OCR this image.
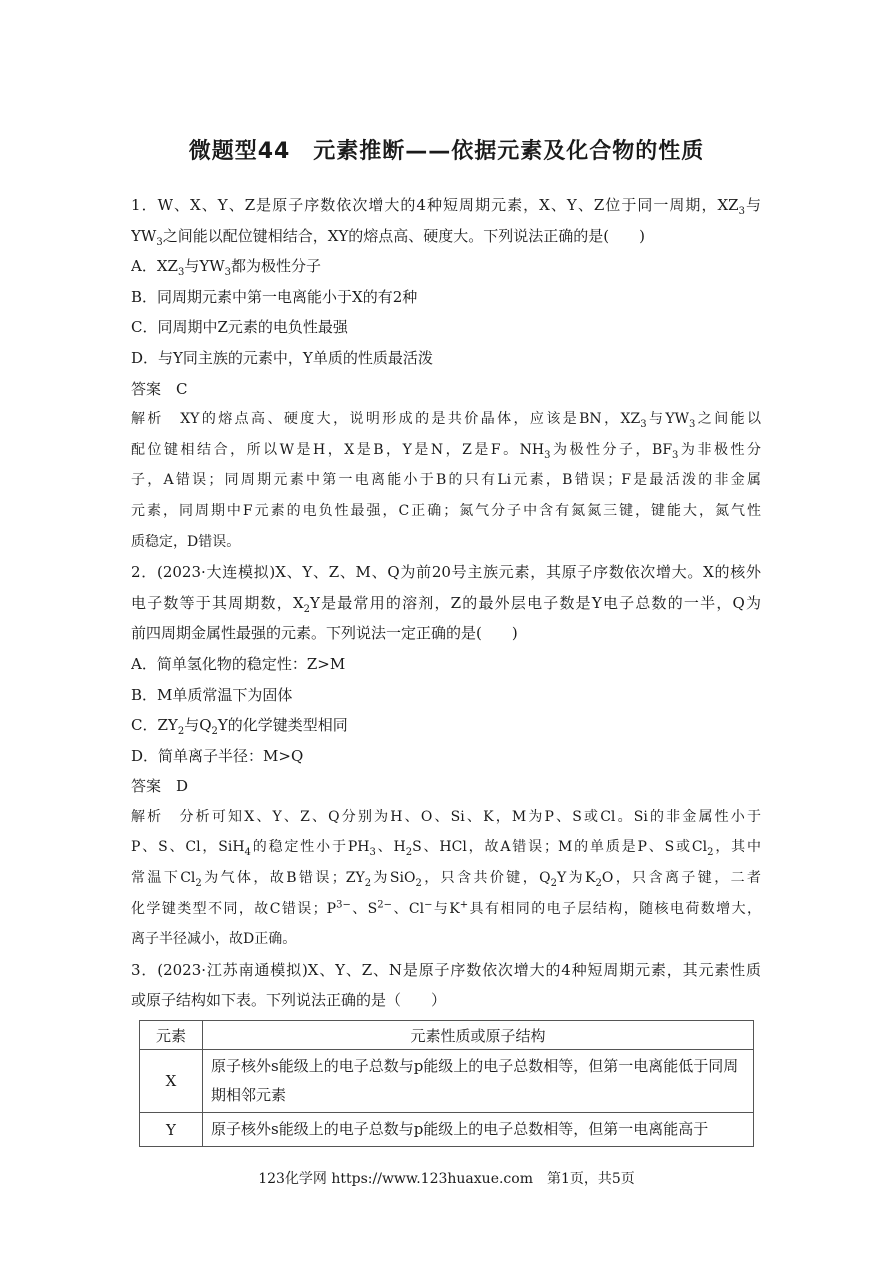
微题型44　元素推断——依据元素及化合物的性质
1．W、X、Y、Z是原子序数依次增大的4种短周期元素，X、Y、Z位于同一周期，$XZ_3$与
$YW_3$之间能以配位键相结合，XY的熔点高、硬度大。下列说法正确的是(　　)
A．$XZ_3$与$YW_3$都为极性分子
B．同周期元素中第一电离能小于X的有2种
C．同周期中Z元素的电负性最强
D．与Y同主族的元素中，Y单质的性质最活泼
答案　 C
解析　 XY的熔点高、硬度大，说明形成的是共价晶体，应该是BN，$XZ_3$与$YW_3$之间能以
配位键相结合，所以W是H，X是B，Y是N，Z是F。$NH_3$为极性分子，$BF_3$为非极性分
子，A错误；同周期元素中第一电离能小于B的只有Li元素，B错误；F是最活泼的非金属
元素，同周期中F元素的电负性最强，C正确；氮气分子中含有氮氮三键，键能大，氮气性
质稳定，D错误。
2．(2023·大连模拟)X、Y、Z、M、Q为前20号主族元素，其原子序数依次增大。X的核外
电子数等于其周期数，$X_2Y$是最常用的溶剂，Z的最外层电子数是Y电子总数的一半，Q为
前四周期金属性最强的元素。下列说法一定正确的是(　　)
A．简单氢化物的稳定性：Z>M
B．M单质常温下为固体
C．$ZY_2$与$Q_2Y$的化学键类型相同
D．简单离子半径：M>Q
答案　 D
解析　 分析可知X、Y、Z、Q分别为H、O、Si、K，M为P、S或Cl。Si的非金属性小于
P、S、Cl，SiH$_4$的稳定性小于$PH_3$、$H_2S$、HCl，故A错误；M的单质是P、S或$Cl_2$，其中
常温下$Cl_2$为气体，故B错误；$ZY_2$为SiO$_2$，只含共价键，$Q_2Y$为$K_2O$，只含离子键，二者
化学键类型不同，故C错误；$P^{3-}$、$S^{2-}$、Cl−与K+具有相同的电子层结构，随核电荷数增大，
离子半径减小，故D正确。
3．(2023·江苏南通模拟)X、Y、Z、N是原子序数依次增大的4种短周期元素，其元素性质
或原子结构如下表。下列说法正确的是（　　）
元素	元素性质或原子结构
X	原子核外s能级上的电子总数与p能级上的电子总数相等，但第一电离能低于同周期相邻元素
Y	原子核外s能级上的电子总数与p能级上的电子总数相等，但第一电离能高于
123化学网 https://www.123huaxue.com　第1页，共5页
